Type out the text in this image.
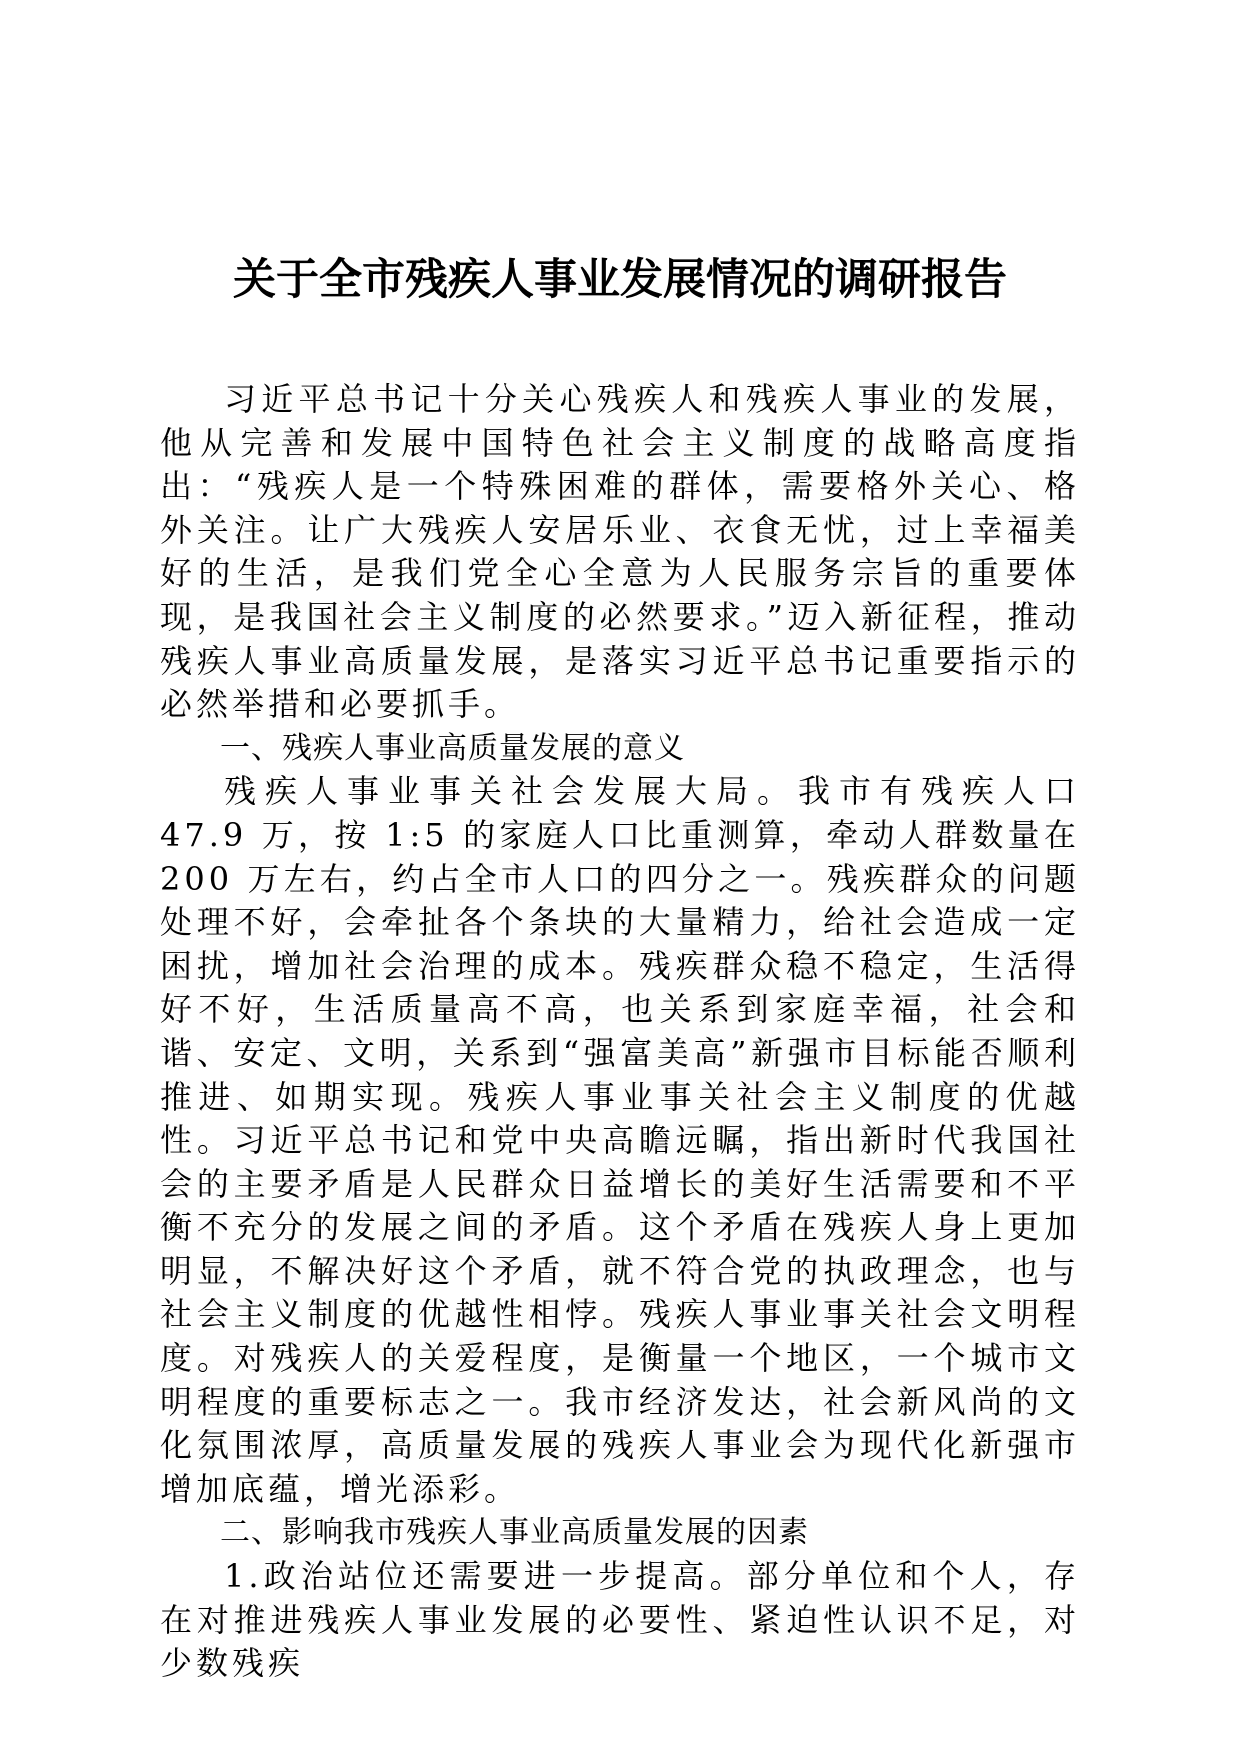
关于全市残疾人事业发展情况的调研报告

习近平总书记十分关心残疾人和残疾人事业的发展，他从完善和发展中国特色社会主义制度的战略高度指出：“残疾人是一个特殊困难的群体，需要格外关心、格外关注。让广大残疾人安居乐业、衣食无忧，过上幸福美好的生活，是我们党全心全意为人民服务宗旨的重要体现，是我国社会主义制度的必然要求。”迈入新征程，推动残疾人事业高质量发展，是落实习近平总书记重要指示的必然举措和必要抓手。

一、残疾人事业高质量发展的意义

残疾人事业事关社会发展大局。我市有残疾人口 47.9 万，按 1:5 的家庭人口比重测算，牵动人群数量在 200 万左右，约占全市人口的四分之一。残疾群众的问题处理不好，会牵扯各个条块的大量精力，给社会造成一定困扰，增加社会治理的成本。残疾群众稳不稳定，生活得好不好，生活质量高不高，也关系到家庭幸福，社会和谐、安定、文明，关系到“强富美高”新强市目标能否顺利推进、如期实现。残疾人事业事关社会主义制度的优越性。习近平总书记和党中央高瞻远瞩，指出新时代我国社会的主要矛盾是人民群众日益增长的美好生活需要和不平衡不充分的发展之间的矛盾。这个矛盾在残疾人身上更加明显，不解决好这个矛盾，就不符合党的执政理念，也与社会主义制度的优越性相悖。残疾人事业事关社会文明程度。对残疾人的关爱程度，是衡量一个地区，一个城市文明程度的重要标志之一。我市经济发达，社会新风尚的文化氛围浓厚，高质量发展的残疾人事业会为现代化新强市增加底蕴，增光添彩。

二、影响我市残疾人事业高质量发展的因素

1.政治站位还需要进一步提高。部分单位和个人，存在对推进残疾人事业发展的必要性、紧迫性认识不足，对少数残疾
